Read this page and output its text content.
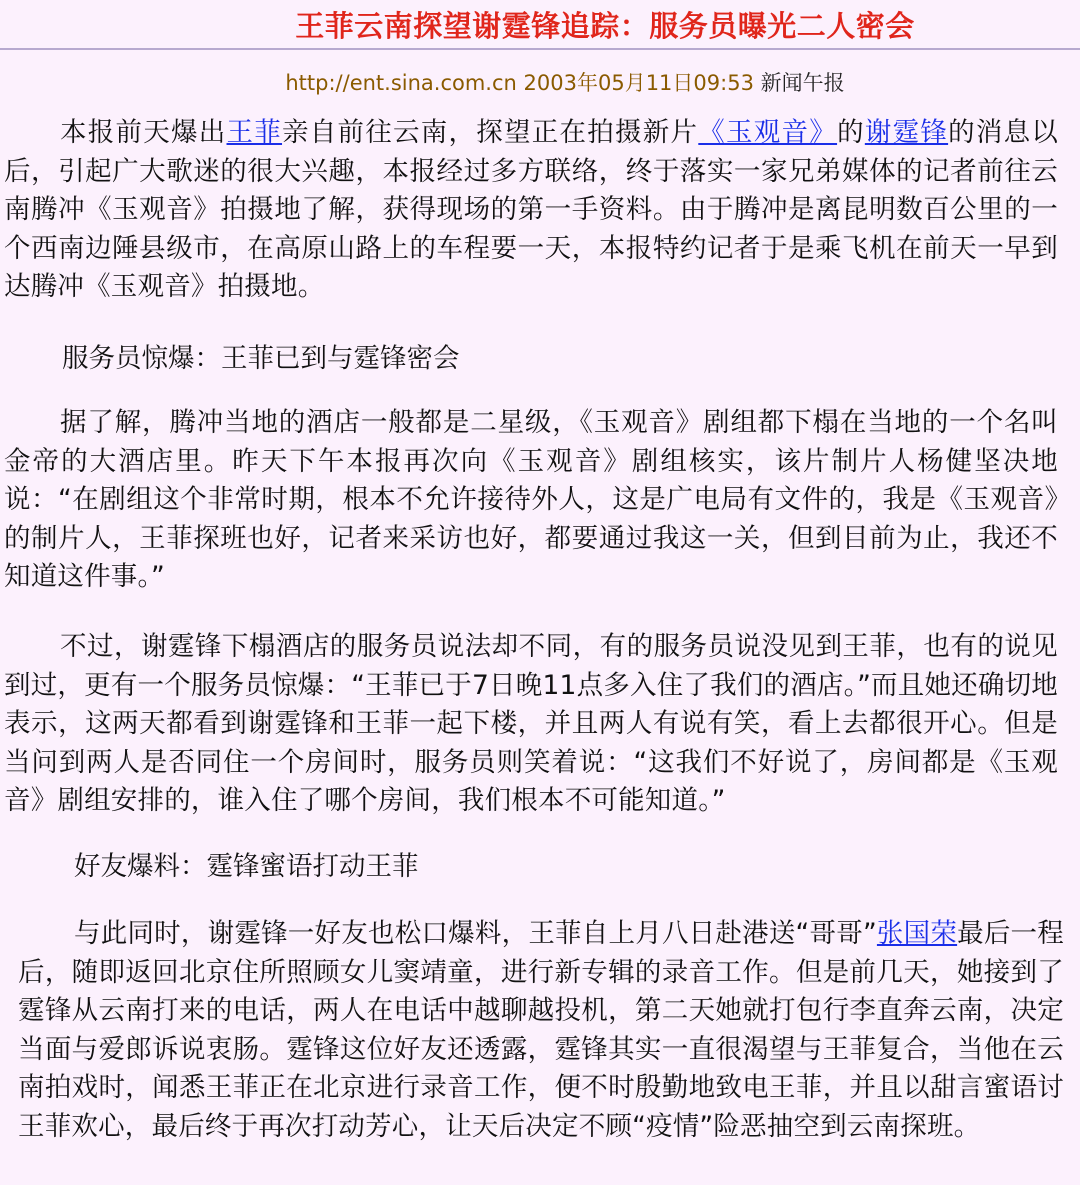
王菲云南探望谢霆锋追踪：服务员曝光二人密会
http://ent.sina.com.cn 2003年05月11日09:53 新闻午报

本报前天爆出王菲亲自前往云南，探望正在拍摄新片《玉观音》的谢霆锋的消息以后，引起广大歌迷的很大兴趣，本报经过多方联络，终于落实一家兄弟媒体的记者前往云南腾冲《玉观音》拍摄地了解，获得现场的第一手资料。由于腾冲是离昆明数百公里的一个西南边陲县级市，在高原山路上的车程要一天，本报特约记者于是乘飞机在前天一早到达腾冲《玉观音》拍摄地。

服务员惊爆：王菲已到与霆锋密会

据了解，腾冲当地的酒店一般都是二星级，《玉观音》剧组都下榻在当地的一个名叫金帝的大酒店里。昨天下午本报再次向《玉观音》剧组核实，该片制片人杨健坚决地说：“在剧组这个非常时期，根本不允许接待外人，这是广电局有文件的，我是《玉观音》的制片人，王菲探班也好，记者来采访也好，都要通过我这一关，但到目前为止，我还不知道这件事。”

不过，谢霆锋下榻酒店的服务员说法却不同，有的服务员说没见到王菲，也有的说见到过，更有一个服务员惊爆：“王菲已于7日晚11点多入住了我们的酒店。”而且她还确切地表示，这两天都看到谢霆锋和王菲一起下楼，并且两人有说有笑，看上去都很开心。但是当问到两人是否同住一个房间时，服务员则笑着说：“这我们不好说了，房间都是《玉观音》剧组安排的，谁入住了哪个房间，我们根本不可能知道。”

好友爆料：霆锋蜜语打动王菲

与此同时，谢霆锋一好友也松口爆料，王菲自上月八日赴港送“哥哥”张国荣最后一程后，随即返回北京住所照顾女儿窦靖童，进行新专辑的录音工作。但是前几天，她接到了霆锋从云南打来的电话，两人在电话中越聊越投机，第二天她就打包行李直奔云南，决定当面与爱郎诉说衷肠。霆锋这位好友还透露，霆锋其实一直很渴望与王菲复合，当他在云南拍戏时，闻悉王菲正在北京进行录音工作，便不时殷勤地致电王菲，并且以甜言蜜语讨王菲欢心，最后终于再次打动芳心，让天后决定不顾“疫情”险恶抽空到云南探班。
